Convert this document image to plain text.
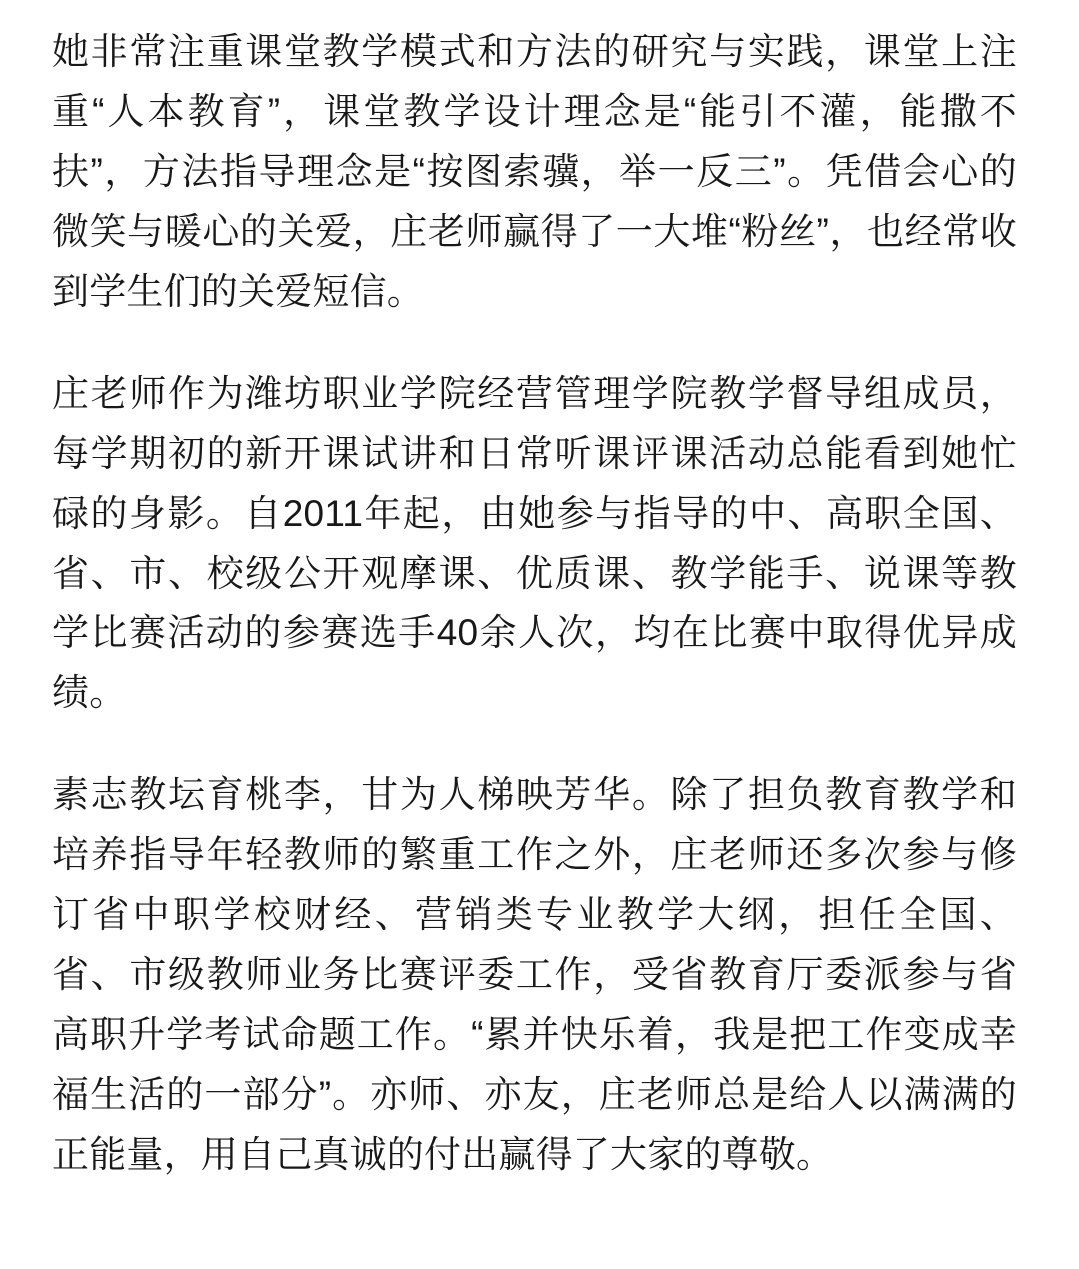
她非常注重课堂教学模式和方法的研究与实践，课堂上注重“人本教育”，课堂教学设计理念是“能引不灌，能撒不扶”，方法指导理念是“按图索骥，举一反三”。凭借会心的微笑与暖心的关爱，庄老师赢得了一大堆“粉丝”，也经常收到学生们的关爱短信。

庄老师作为潍坊职业学院经营管理学院教学督导组成员，每学期初的新开课试讲和日常听课评课活动总能看到她忙碌的身影。自2011年起，由她参与指导的中、高职全国、省、市、校级公开观摩课、优质课、教学能手、说课等教学比赛活动的参赛选手40余人次，均在比赛中取得优异成绩。

素志教坛育桃李，甘为人梯映芳华。除了担负教育教学和培养指导年轻教师的繁重工作之外，庄老师还多次参与修订省中职学校财经、营销类专业教学大纲，担任全国、省、市级教师业务比赛评委工作，受省教育厅委派参与省高职升学考试命题工作。“累并快乐着，我是把工作变成幸福生活的一部分”。亦师、亦友，庄老师总是给人以满满的正能量，用自己真诚的付出赢得了大家的尊敬。
